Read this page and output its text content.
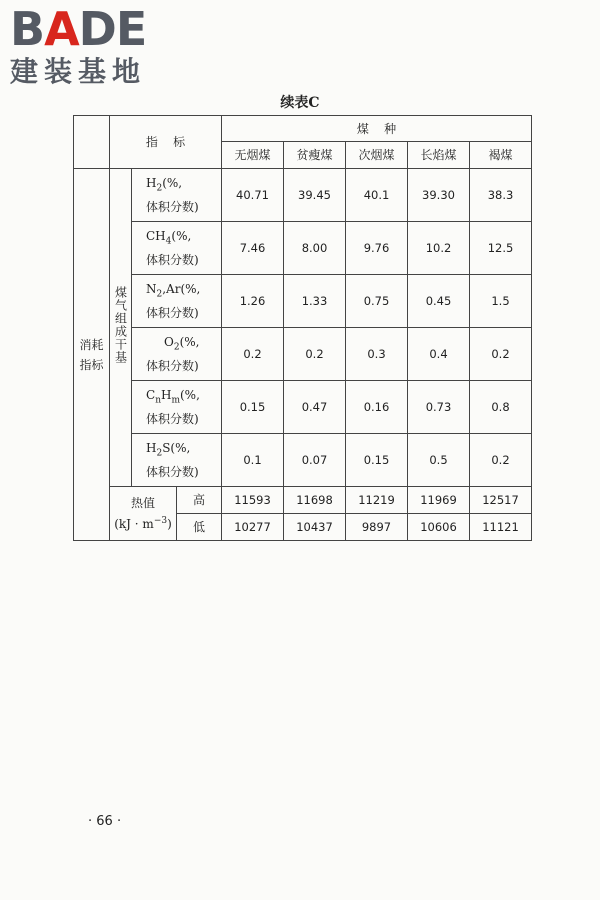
BADE

建装基地

续表C

	指    标			煤    种				
				无烟煤	贫瘦煤	次烟煤	长焰煤	褐煤
消耗指标	煤气组成干基	$H_2(\%$,
体积分数)		40.71	39.45	40.1	39.30	38.3
		$CH_4(\%$,
体积分数)		7.46	8.00	9.76	10.2	12.5
		$N_2,Ar(\%$,
体积分数)		1.26	1.33	0.75	0.45	1.5
		$O_2(\%$,
体积分数)		0.2	0.2	0.3	0.4	0.2
		$C_nH_m(\%$,
体积分数)		0.15	0.47	0.16	0.73	0.8
		$H_2S(\%$,
体积分数)		0.1	0.07	0.15	0.5	0.2
	热值
$(kJ \cdot m^{-3})$		高	11593	11698	11219	11969	12517
			低	10277	10437	9897	10606	11121
· 66 ·
